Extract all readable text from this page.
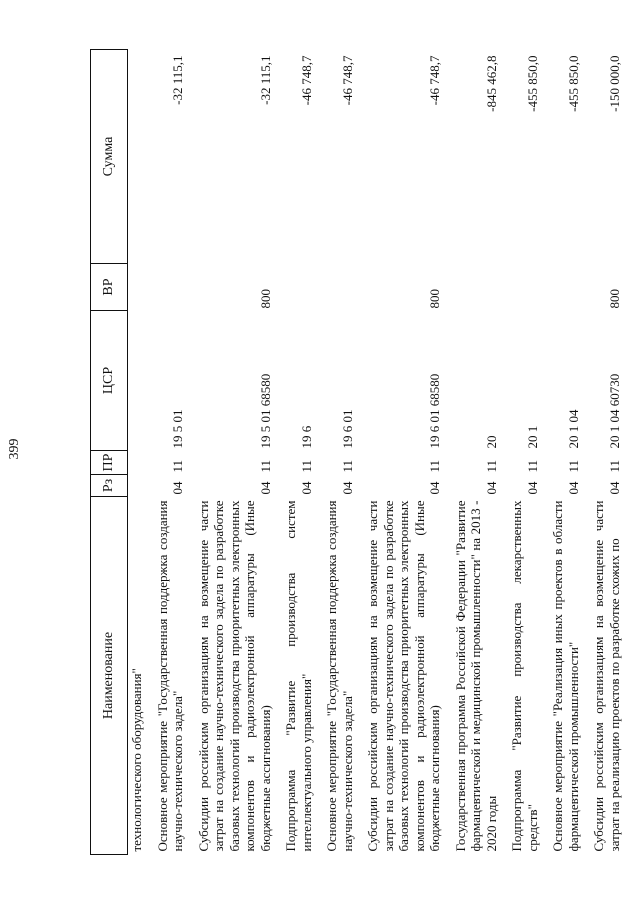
399
Наименование	Рз	ПР	ЦСР	ВР	Сумма
технологического оборудования"					
Основное мероприятие "Государственная поддержка создания научно-технического задела"	04	11	19 5 01		-32 115,1
Субсидии российским организациям на возмещение части затрат на создание научно-технического задела по разработке базовых технологий производства приоритетных электронных компонентов и радиоэлектронной аппаратуры (Иные бюджетные ассигнования)	04	11	19 5 01 68580	800	-32 115,1
Подпрограмма "Развитие производства систем интеллектуального управления"	04	11	19 6		-46 748,7
Основное мероприятие "Государственная поддержка создания научно-технического задела"	04	11	19 6 01		-46 748,7
Субсидии российским организациям на возмещение части затрат на создание научно-технического задела по разработке базовых технологий производства приоритетных электронных компонентов и радиоэлектронной аппаратуры (Иные бюджетные ассигнования)	04	11	19 6 01 68580	800	-46 748,7
Государственная программа Российской Федерации "Развитие фармацевтической и медицинской промышленности" на 2013 - 2020 годы	04	11	20		-845 462,8
Подпрограмма "Развитие производства лекарственных средств"	04	11	20 1		-455 850,0
Основное мероприятие "Реализация иных проектов в области фармацевтической промышленности"	04	11	20 1 04		-455 850,0
Субсидии российским организациям на возмещение части затрат на реализацию проектов по разработке схожих по	04	11	20 1 04 60730	800	-150 000,0
